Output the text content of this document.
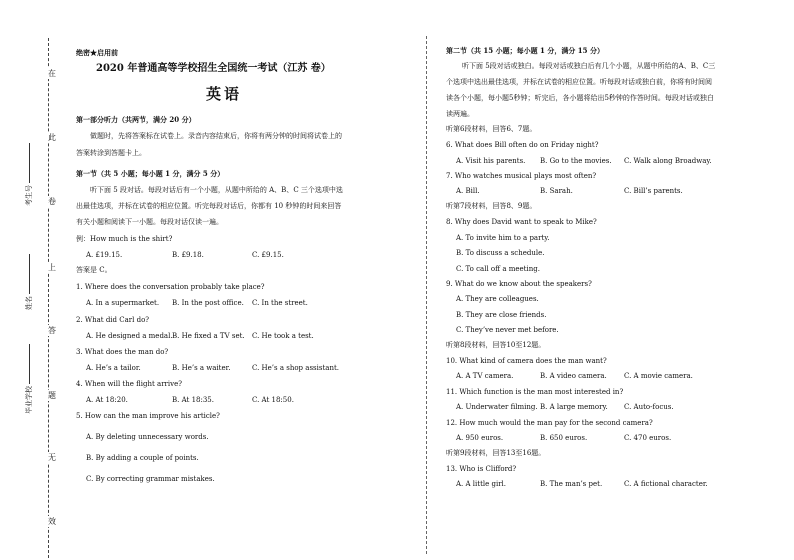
在
此
卷
上
答
题
无
效
考生号
姓名
毕业学校
绝密★启用前
2020 年普通高等学校招生全国统一考试（江苏 卷）
英语
第一部分听力（共两节，满分 20 分）
做题时，先将答案标在试卷上。录音内容结束后，你将有两分钟的时间将试卷上的
答案转涂到答题卡上。
第一节（共 5 小题；每小题 1 分，满分 5 分）
听下面 5 段对话。每段对话后有一个小题，从题中所给的 A、B、C 三个选项中选
出最佳选项，并标在试卷的相应位置。听完每段对话后，你都有 10 秒钟的时间来回答
有关小题和阅读下一小题。每段对话仅读一遍。
例：How much is the shirt?
A. £19.15.	B. £9.18.	C. £9.15.
答案是 C。
1. Where does the conversation probably take place?
A. In a supermarket. B. In the post office. C. In the street.
2. What did Carl do?
A. He designed a medal. B. He fixed a TV set. C. He took a test.
3. What does the man do?
A. He’s a tailor.	B. He’s a waiter.	C. He’s a shop assistant.
4. When will the flight arrive?
A. At 18:20.	B. At 18:35.	C. At 18:50.
5. How can the man improve his article?
A. By deleting unnecessary words.
B. By adding a couple of points.
C. By correcting grammar mistakes.
第二节（共 15 小题；每小题 1 分，满分 15 分）
听下面 5段对话或独白。每段对话或独白后有几个小题，从题中所给的A、B、C三
个选项中选出最佳选项，并标在试卷的相应位置。听每段对话或独白前，你将有时间阅
读各个小题，每小题5秒钟；听完后，各小题将给出5秒钟的作答时间。每段对话或独白
读两遍。
听第6段材料，回答6、7题。
6. What does Bill often do on Friday night?
A. Visit his parents. B. Go to the movies. C. Walk along Broadway.
7. Who watches musical plays most often?
A. Bill.	B. Sarah.	C. Bill’s parents.
听第7段材料，回答8、9题。
8. Why does David want to speak to Mike?
A. To invite him to a party.
B. To discuss a schedule.
C. To call off a meeting.
9. What do we know about the speakers?
A. They are colleagues.
B. They are close friends.
C. They’ve never met before.
听第8段材料，回答10至12题。
10. What kind of camera does the man want?
A. A TV camera.	B. A video camera. C. A movie camera.
11. Which function is the man most interested in?
A. Underwater filming. B. A large memory. C. Auto-focus.
12. How much would the man pay for the second camera?
A. 950 euros.	B. 650 euros.	C. 470 euros.
听第9段材料，回答13至16题。
13. Who is Clifford?
A. A little girl.	B. The man’s pet.	C. A fictional character.
